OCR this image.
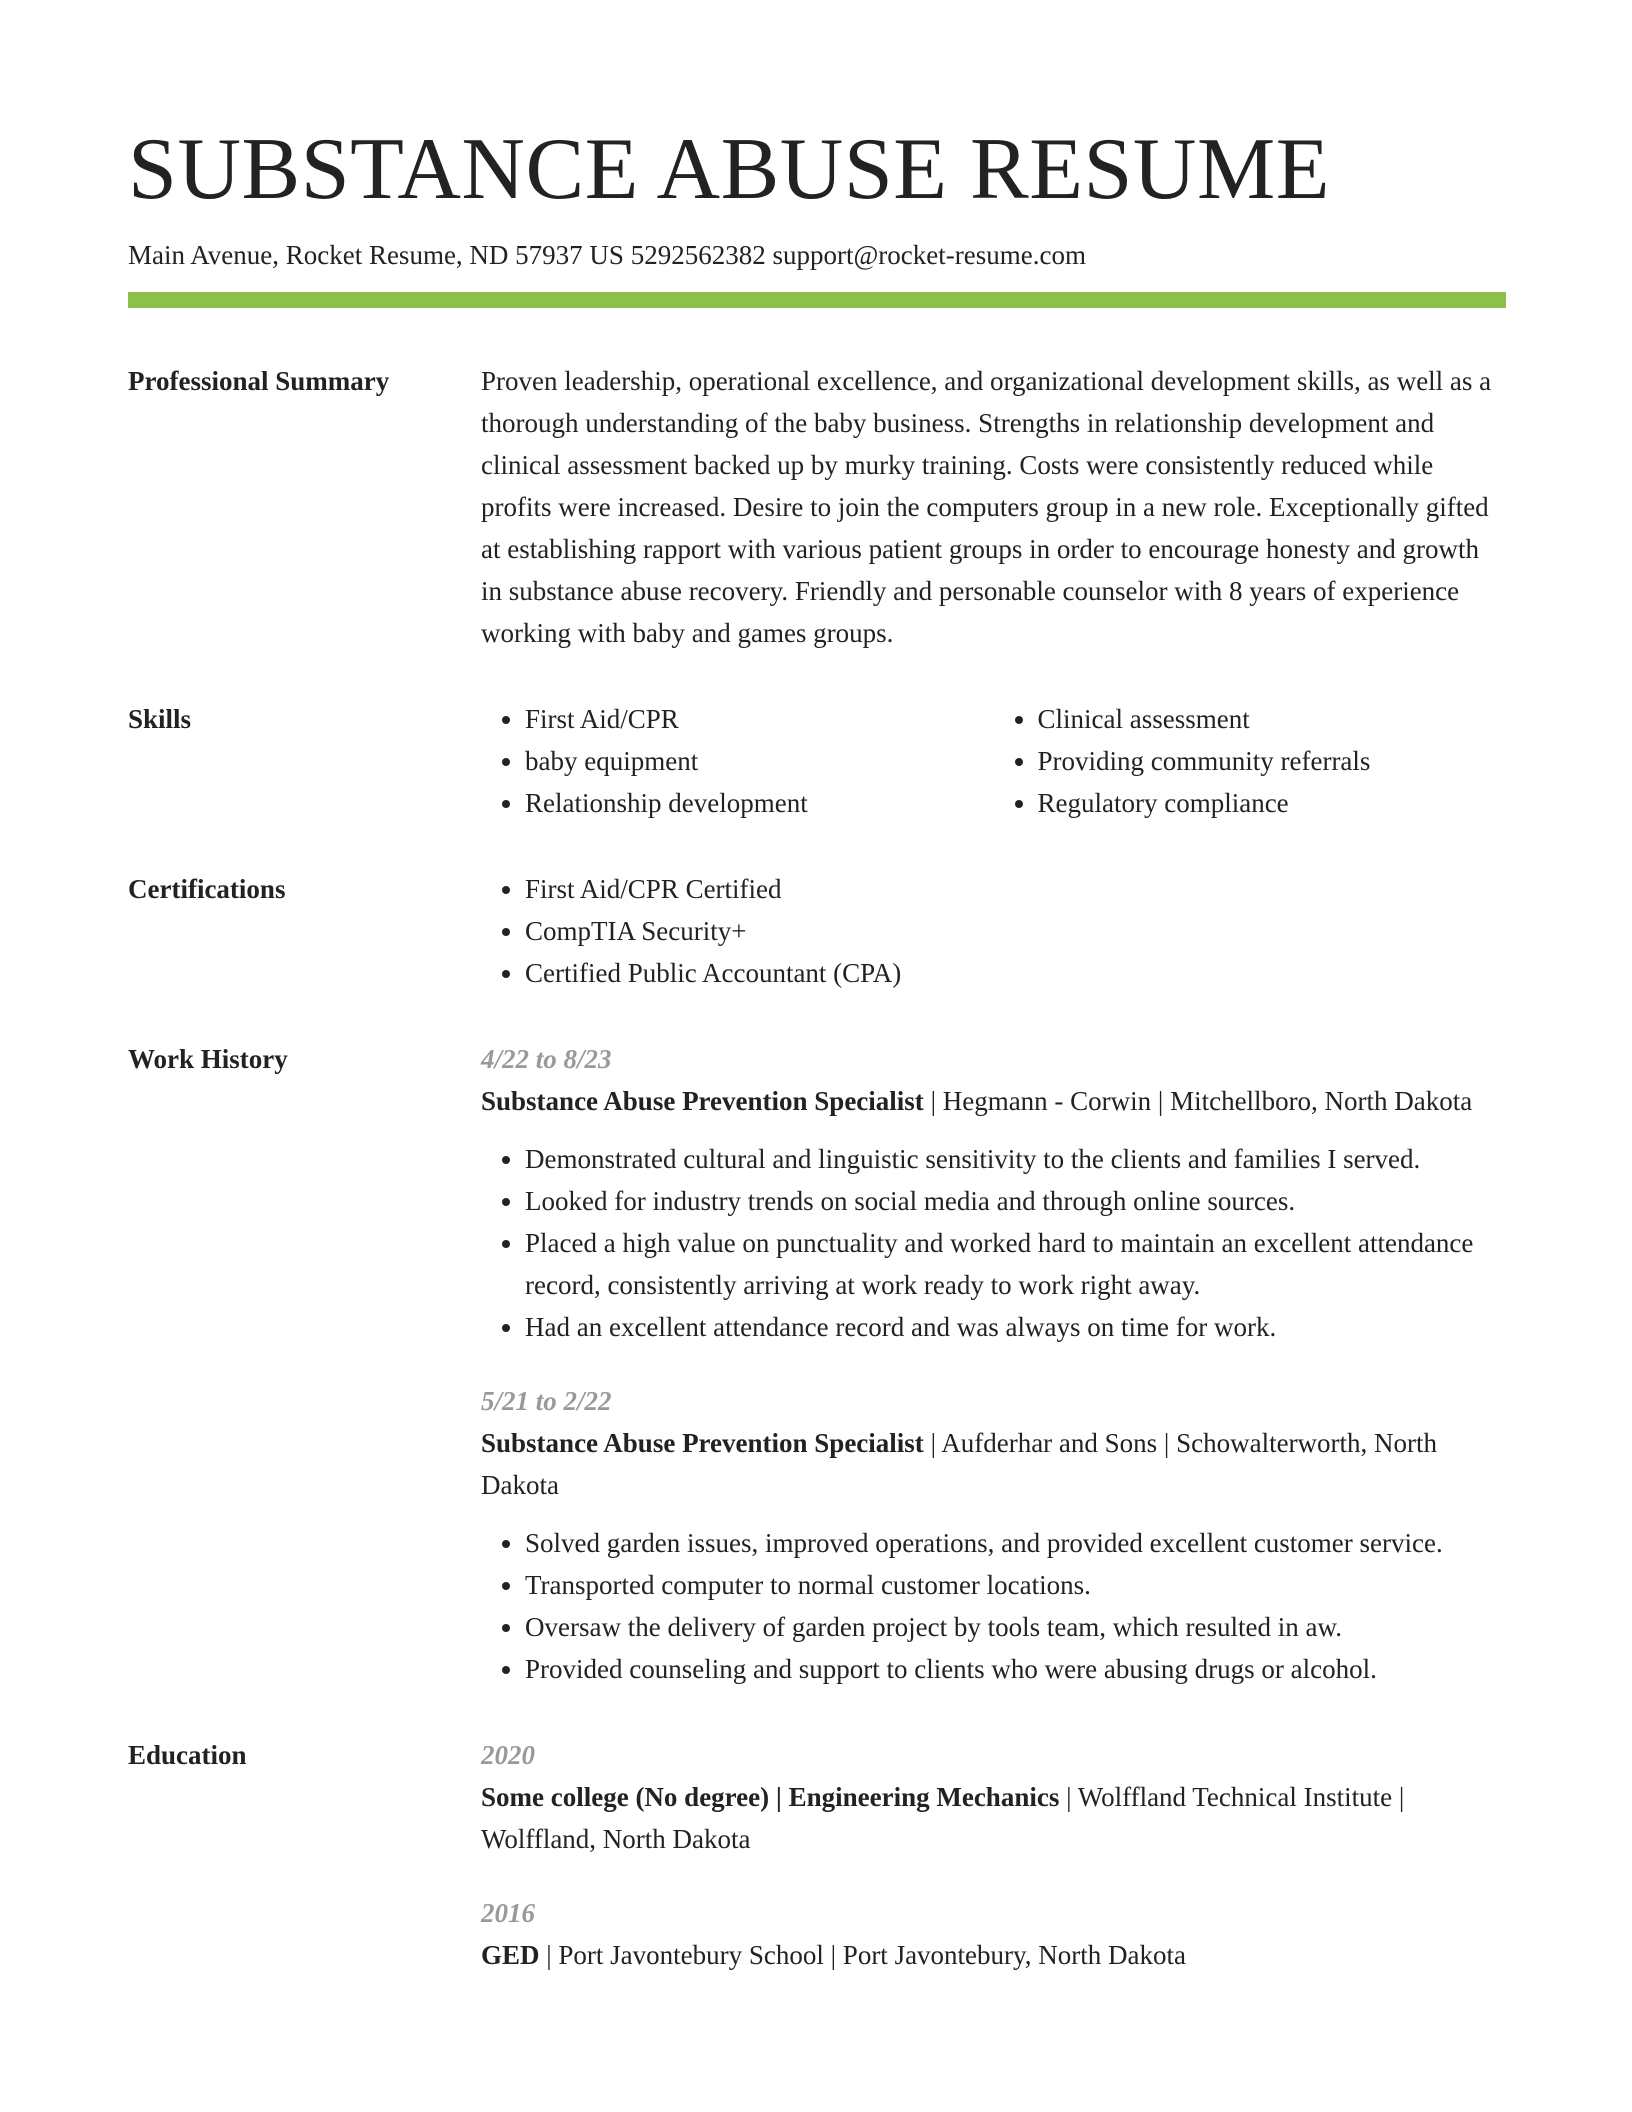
SUBSTANCE ABUSE RESUME
Main Avenue, Rocket Resume, ND 57937 US 5292562382 support@rocket-resume.com
Professional Summary	Proven leadership, operational excellence, and organizational development skills, as well as a thorough understanding of the baby business. Strengths in relationship development and clinical assessment backed up by murky training. Costs were consistently reduced while profits were increased. Desire to join the computers group in a new role. Exceptionally gifted at establishing rapport with various patient groups in order to encourage honesty and growth in substance abuse recovery. Friendly and personable counselor with 8 years of experience working with baby and games groups.

Skills	• First Aid/CPR
• baby equipment
• Relationship development
• Clinical assessment
• Providing community referrals
• Regulatory compliance
Certifications	• First Aid/CPR Certified
• CompTIA Security+
• Certified Public Accountant (CPA)
Work History	4/22 to 8/23

Substance Abuse Prevention Specialist | Hegmann - Corwin | Mitchellboro, North Dakota

• Demonstrated cultural and linguistic sensitivity to the clients and families I served.
• Looked for industry trends on social media and through online sources.
• Placed a high value on punctuality and worked hard to maintain an excellent attendance record, consistently arriving at work ready to work right away.
• Had an excellent attendance record and was always on time for work.
5/21 to 2/22

Substance Abuse Prevention Specialist | Aufderhar and Sons | Schowalterworth, North Dakota

• Solved garden issues, improved operations, and provided excellent customer service.
• Transported computer to normal customer locations.
• Oversaw the delivery of garden project by tools team, which resulted in aw.
• Provided counseling and support to clients who were abusing drugs or alcohol.
Education	2020

Some college (No degree) | Engineering Mechanics | Wolffland Technical Institute | Wolffland, North Dakota

2016

GED | Port Javontebury School | Port Javontebury, North Dakota
